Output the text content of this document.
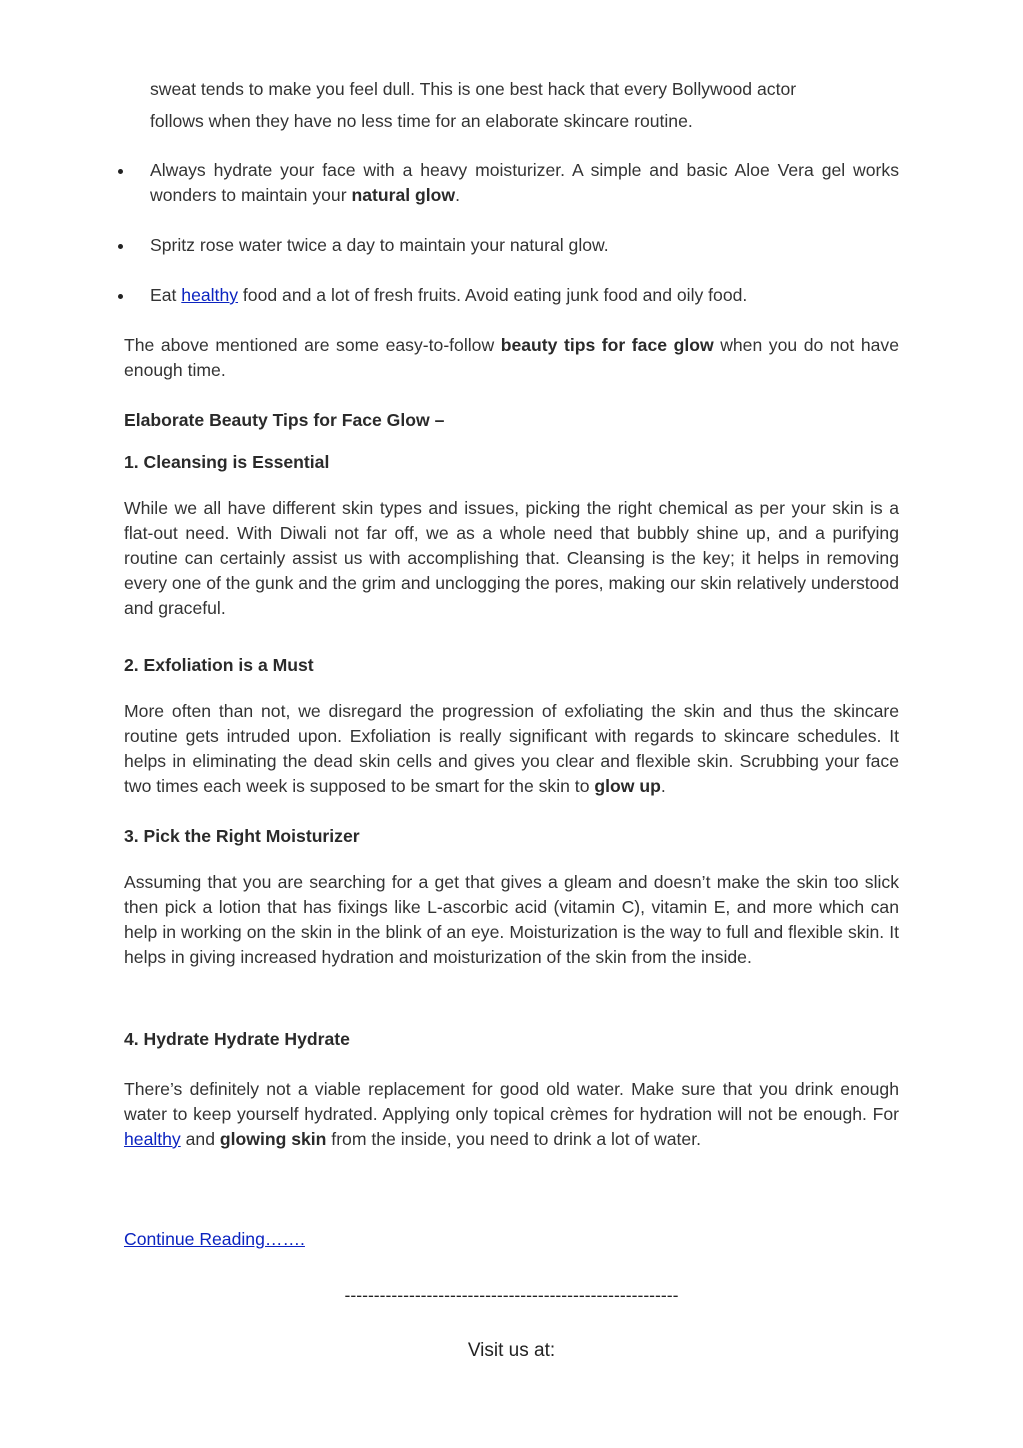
sweat tends to make you feel dull. This is one best hack that every Bollywood actor

follows when they have no less time for an elaborate skincare routine.

Always hydrate your face with a heavy moisturizer. A simple and basic Aloe Vera gel works wonders to maintain your natural glow.

Spritz rose water twice a day to maintain your natural glow.

Eat healthy food and a lot of fresh fruits. Avoid eating junk food and oily food.

The above mentioned are some easy-to-follow beauty tips for face glow when you do not have enough time.

Elaborate Beauty Tips for Face Glow –

1. Cleansing is Essential

While we all have different skin types and issues, picking the right chemical as per your skin is a flat-out need. With Diwali not far off, we as a whole need that bubbly shine up, and a purifying routine can certainly assist us with accomplishing that. Cleansing is the key; it helps in removing every one of the gunk and the grim and unclogging the pores, making our skin relatively understood and graceful.

2. Exfoliation is a Must

More often than not, we disregard the progression of exfoliating the skin and thus the skincare routine gets intruded upon. Exfoliation is really significant with regards to skincare schedules. It helps in eliminating the dead skin cells and gives you clear and flexible skin. Scrubbing your face two times each week is supposed to be smart for the skin to glow up.

3. Pick the Right Moisturizer

Assuming that you are searching for a get that gives a gleam and doesn’t make the skin too slick then pick a lotion that has fixings like L-ascorbic acid (vitamin C), vitamin E, and more which can help in working on the skin in the blink of an eye. Moisturization is the way to full and flexible skin. It helps in giving increased hydration and moisturization of the skin from the inside.

4. Hydrate Hydrate Hydrate

There’s definitely not a viable replacement for good old water. Make sure that you drink enough water to keep yourself hydrated. Applying only topical crèmes for hydration will not be enough. For healthy and glowing skin from the inside, you need to drink a lot of water.

Continue Reading…….

---------------------------------------------------------
Visit us at:
